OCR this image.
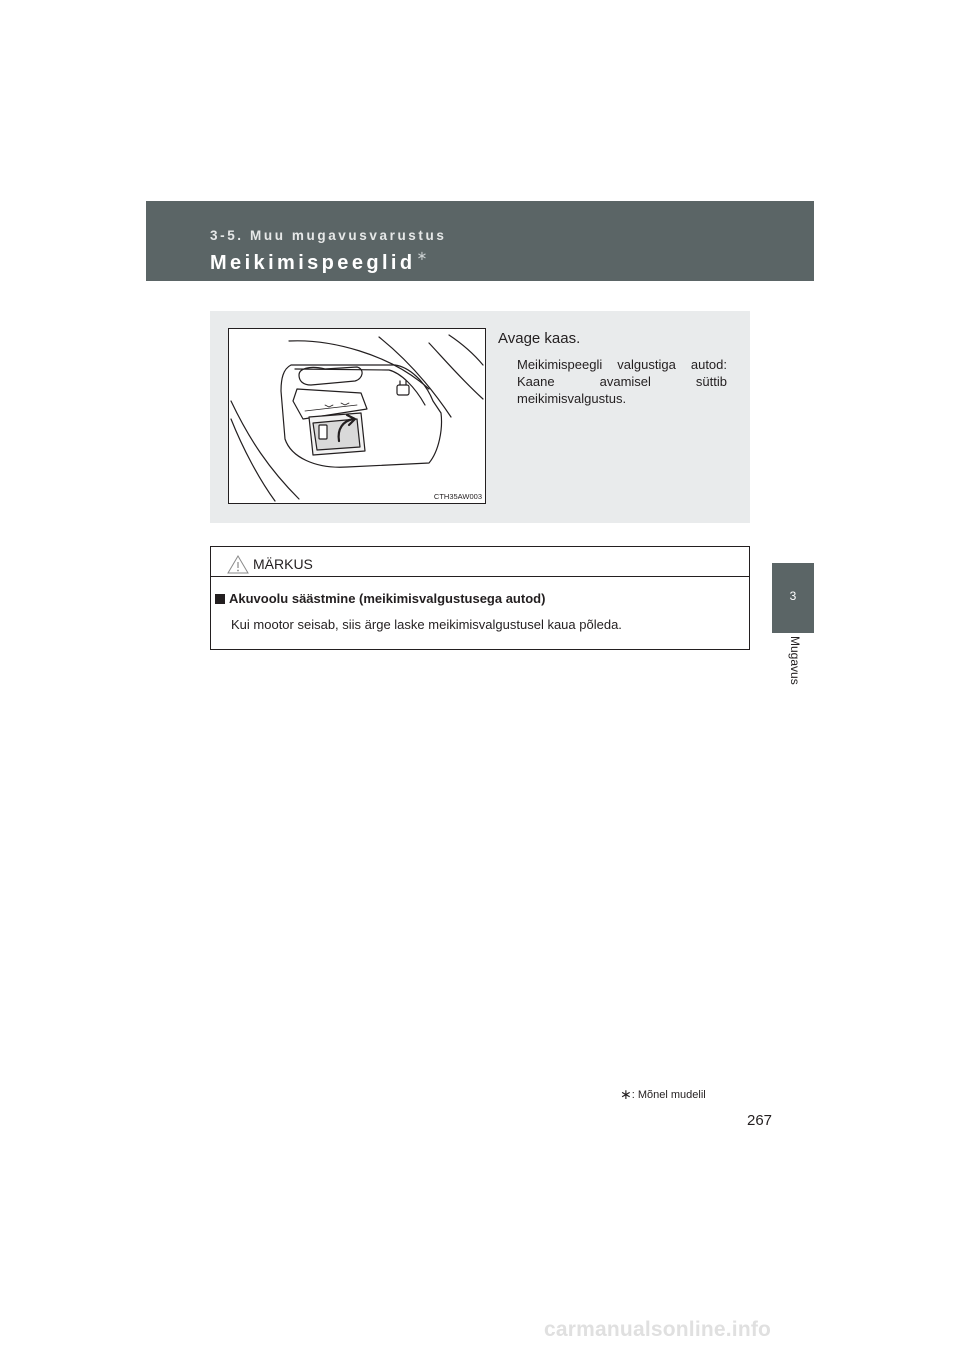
3-5. Muu mugavusvarustus
Meikimispeeglid∗
3
Mugavus
CTH35AW003
Avage kaas.
Meikimispeegli valgustiga autod: Kaane avamisel süttib meikimisvalgustus.
MÄRKUS
Akuvoolu säästmine (meikimisvalgustusega autod)
Kui mootor seisab, siis ärge laske meikimisvalgustusel kaua põleda.
∗: Mõnel mudelil
267
carmanualsonline.info
